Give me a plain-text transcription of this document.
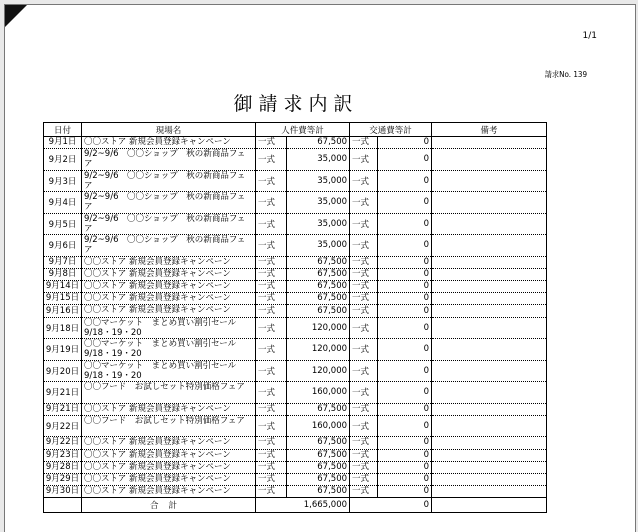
1/1
請求No. 139
御請求内訳
日付	現場名	人件費等計		交通費等計		備考
9月1日	〇〇ストア 新規会員登録キャンペーン	一式	67,500	一式	0	
9月2日	9/2~9/6　〇〇ショップ　秋の新商品フェア	一式	35,000	一式	0	
9月3日	9/2~9/6　〇〇ショップ　秋の新商品フェア	一式	35,000	一式	0	
9月4日	9/2~9/6　〇〇ショップ　秋の新商品フェア	一式	35,000	一式	0	
9月5日	9/2~9/6　〇〇ショップ　秋の新商品フェア	一式	35,000	一式	0	
9月6日	9/2~9/6　〇〇ショップ　秋の新商品フェア	一式	35,000	一式	0	
9月7日	〇〇ストア 新規会員登録キャンペーン	一式	67,500	一式	0	
9月8日	〇〇ストア 新規会員登録キャンペーン	一式	67,500	一式	0	
9月14日	〇〇ストア 新規会員登録キャンペーン	一式	67,500	一式	0	
9月15日	〇〇ストア 新規会員登録キャンペーン	一式	67,500	一式	0	
9月16日	〇〇ストア 新規会員登録キャンペーン	一式	67,500	一式	0	
9月18日	〇〇マーケット　まとめ買い割引セール　9/18・19・20	一式	120,000	一式	0	
9月19日	〇〇マーケット　まとめ買い割引セール　9/18・19・20	一式	120,000	一式	0	
9月20日	〇〇マーケット　まとめ買い割引セール　9/18・19・20	一式	120,000	一式	0	
9月21日	〇〇フード　お試しセット特別価格フェア	一式	160,000	一式	0	
9月21日	〇〇ストア 新規会員登録キャンペーン	一式	67,500	一式	0	
9月22日	〇〇フード　お試しセット特別価格フェア	一式	160,000	一式	0	
9月22日	〇〇ストア 新規会員登録キャンペーン	一式	67,500	一式	0	
9月23日	〇〇ストア 新規会員登録キャンペーン	一式	67,500	一式	0	
9月28日	〇〇ストア 新規会員登録キャンペーン	一式	67,500	一式	0	
9月29日	〇〇ストア 新規会員登録キャンペーン	一式	67,500	一式	0	
9月30日	〇〇ストア 新規会員登録キャンペーン	一式	67,500	一式	0	
	合計	1,665,000		0		
